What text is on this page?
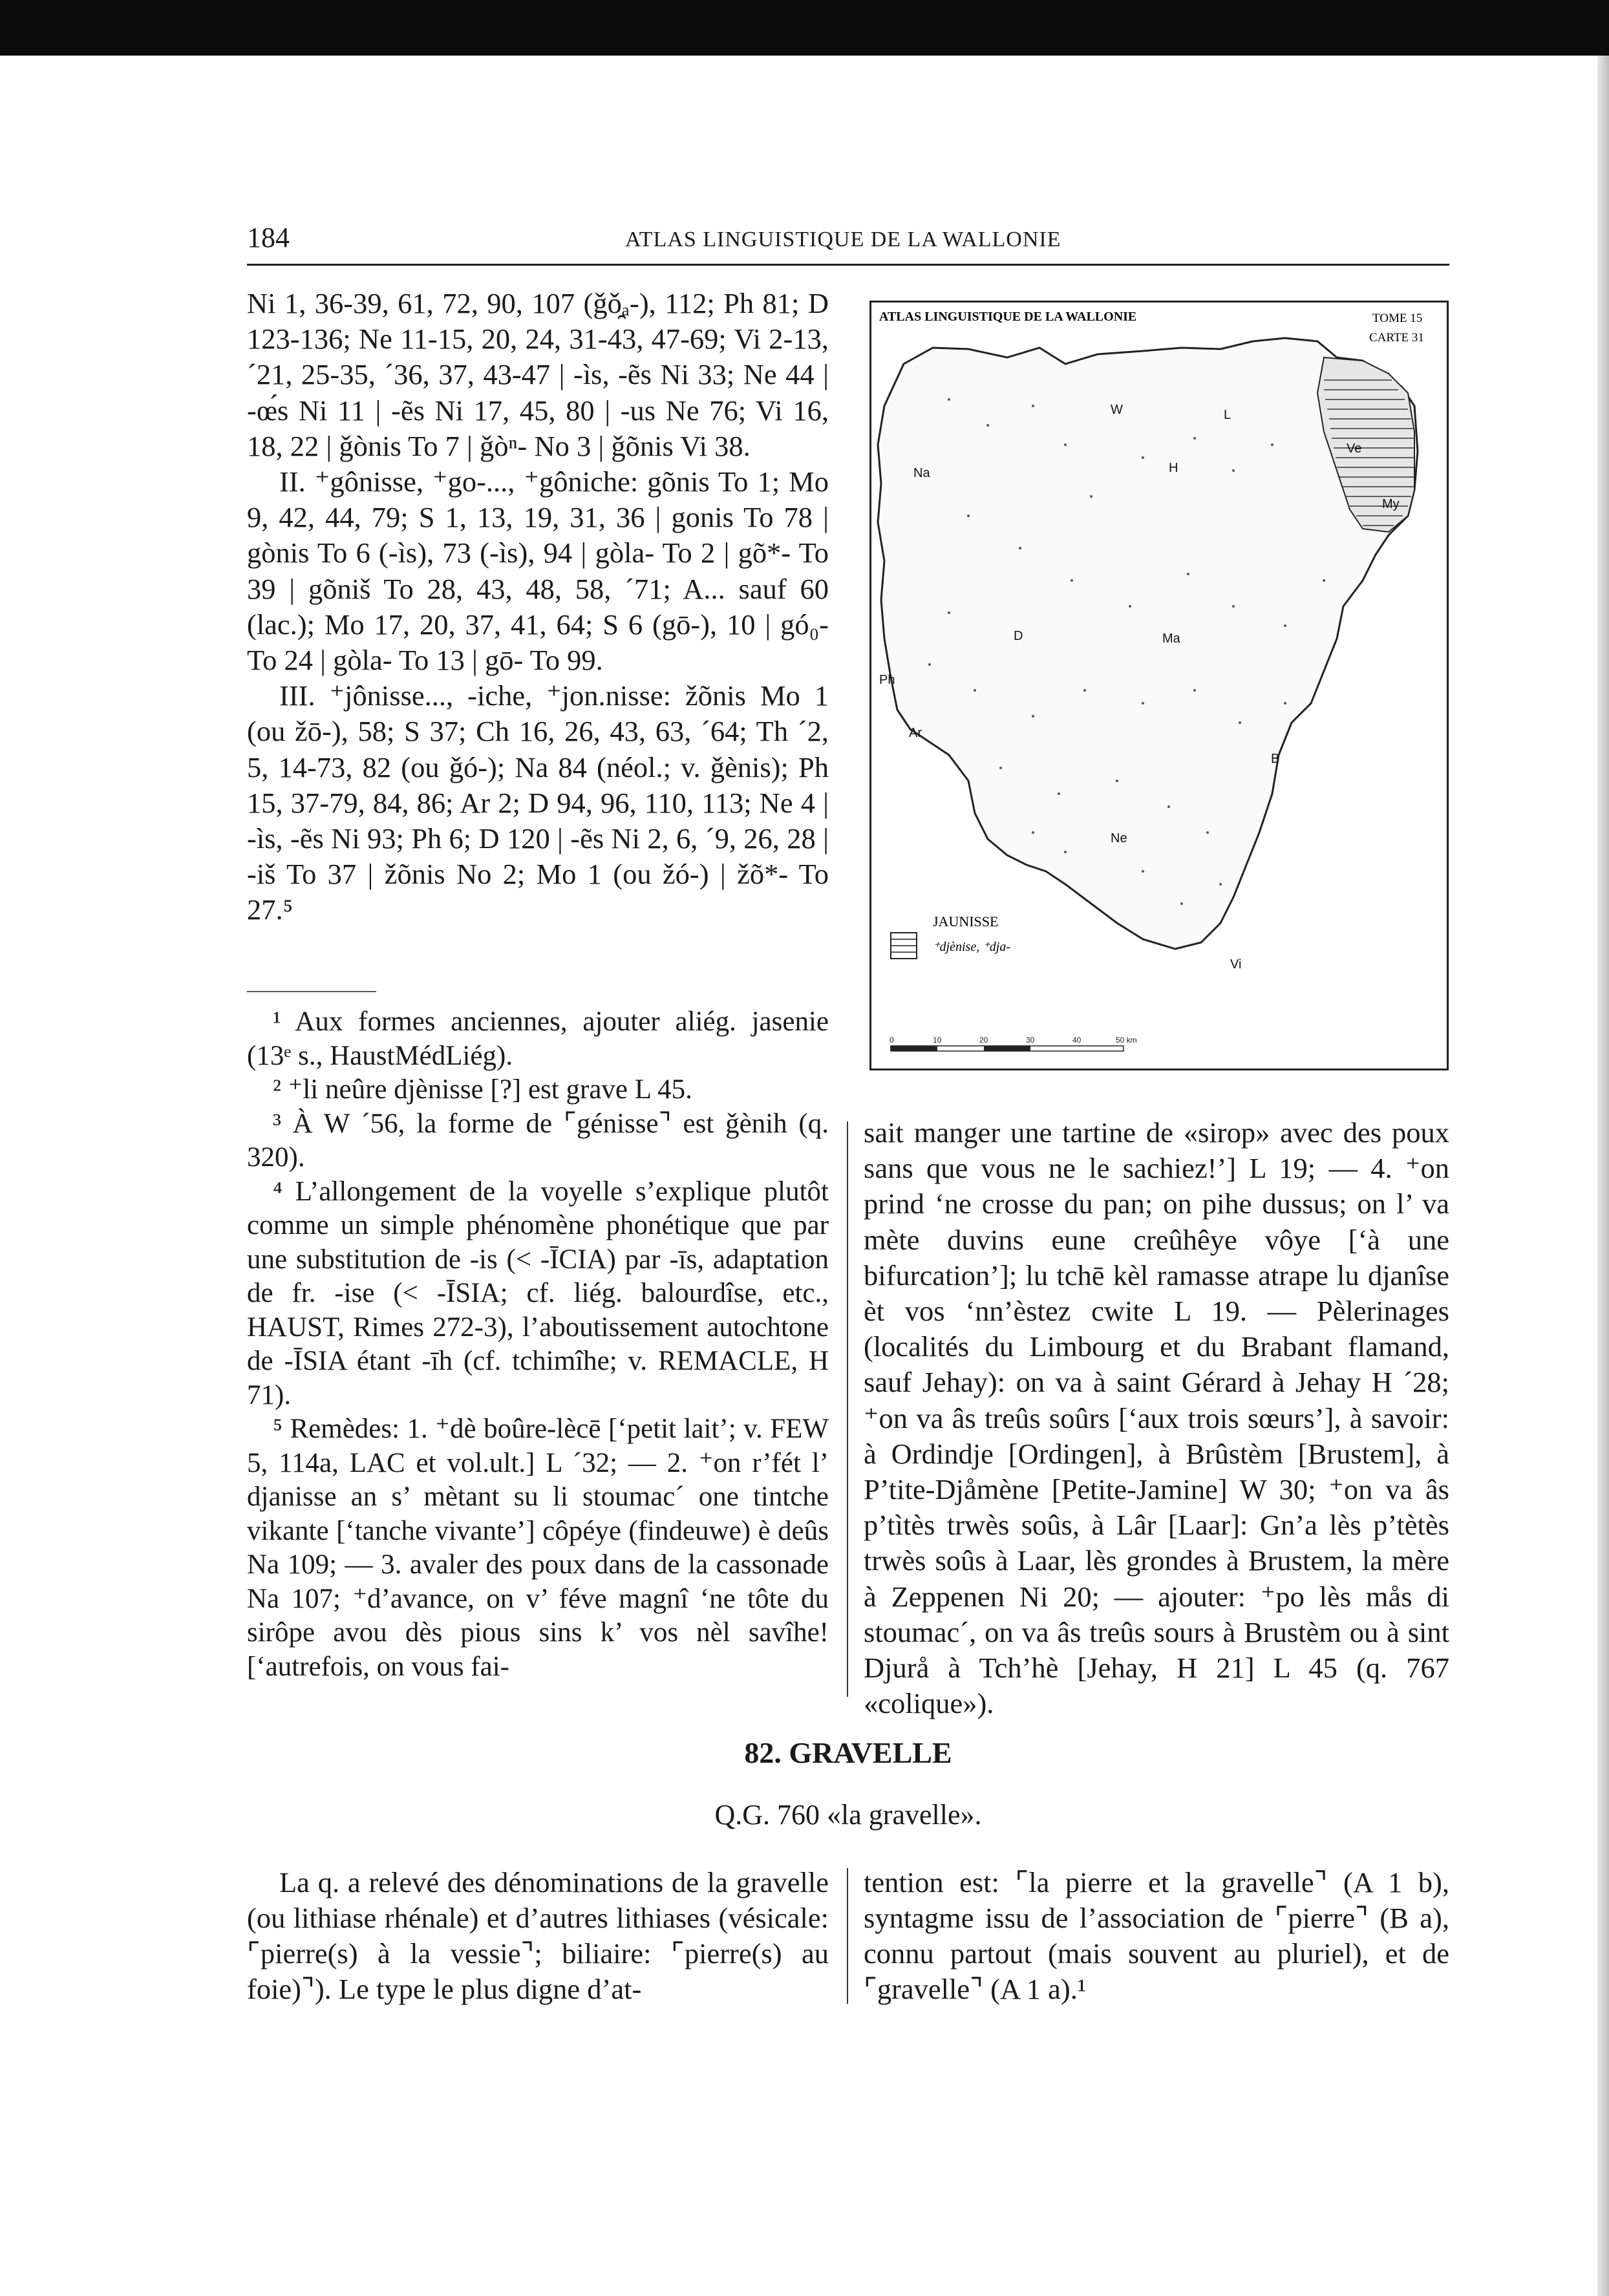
184	ATLAS LINGUISTIQUE DE LA WALLONIE

Ni 1, 36-39, 61, 72, 90, 107 (ǧǒ̯ₐ-), 112; Ph 81; D 123-136; Ne 11-15, 20, 24, 31-43, 47-69; Vi 2-13, ´21, 25-35, ´36, 37, 43-47 | -ìs, -ẽs Ni 33; Ne 44 | -œ́s Ni 11 | -ẽs Ni 17, 45, 80 | -us Ne 76; Vi 16, 18, 22 | ǧònis To 7 | ǧòⁿ- No 3 | ǧõnis Vi 38.

II. ⁺gônisse, ⁺go-..., ⁺gôniche: gõnis To 1; Mo 9, 42, 44, 79; S 1, 13, 19, 31, 36 | gonis To 78 | gònis To 6 (-ìs), 73 (-ìs), 94 | gòla- To 2 | gõ*- To 39 | gõniš To 28, 43, 48, 58, ´71; A... sauf 60 (lac.); Mo 17, 20, 37, 41, 64; S 6 (gō-), 10 | gó₀- To 24 | gòla- To 13 | gō- To 99.

III. ⁺jônisse..., -iche, ⁺jon.nisse: žõnis Mo 1 (ou žō-), 58; S 37; Ch 16, 26, 43, 63, ´64; Th ´2, 5, 14-73, 82 (ou ǧó-); Na 84 (néol.; v. ǧènis); Ph 15, 37-79, 84, 86; Ar 2; D 94, 96, 110, 113; Ne 4 | -ìs, -ẽs Ni 93; Ph 6; D 120 | -ẽs Ni 2, 6, ´9, 26, 28 | -iš To 37 | žõnis No 2; Mo 1 (ou žó-) | žõ*- To 27.⁵

¹ Aux formes anciennes, ajouter aliég. jasenie (13ᵉ s., HaustMédLiég).

² ⁺li neûre djènisse [?] est grave L 45.

³ À W ´56, la forme de ⌜génisse⌝ est ǧènih (q. 320).

⁴ L’allongement de la voyelle s’explique plutôt comme un simple phénomène phonétique que par une substitution de -is (< -ĪCIA) par -īs, adaptation de fr. -ise (< -ĪSIA; cf. liég. balourdîse, etc., HAUST, Rimes 272-3), l’aboutissement autochtone de -ĪSIA étant -īh (cf. tchimîhe; v. REMACLE, H 71).

⁵ Remèdes: 1. ⁺dè boûre-lècē [‘petit lait’; v. FEW 5, 114a, LAC et vol.ult.] L ´32; — 2. ⁺on r’fét l’ djanisse an s’ mètant su li stoumac´ one tintche vikante [‘tanche vivante’] côpéye (findeuwe) è deûs Na 109; — 3. avaler des poux dans de la cassonade Na 107; ⁺d’avance, on v’ féve magnî ‘ne tôte du sirôpe avou dès pious sins k’ vos nèl savîhe! [‘autrefois, on vous fai-

ATLAS LINGUISTIQUE DE LA WALLONIE	TOME 15
CARTE 31
W	L
Na	H
Ve
My
D	Ma
B
Ph
Ar
Ne
Vi
JAUNISSE
⁺djènise, ⁺dja-
0	10	20	30	40	50 km

sait manger une tartine de «sirop» avec des poux sans que vous ne le sachiez!’] L 19; — 4. ⁺on prind ‘ne crosse du pan; on pihe dussus; on l’ va mète duvins eune creûhêye vôye [‘à une bifurcation’]; lu tchē kèl ramasse atrape lu djanîse èt vos ‘nn’èstez cwite L 19. — Pèlerinages (localités du Limbourg et du Brabant flamand, sauf Jehay): on va à saint Gérard à Jehay H ´28; ⁺on va âs treûs soûrs [‘aux trois sœurs’], à savoir: à Ordindje [Ordingen], à Brûstèm [Brustem], à P’tite-Djåmène [Petite-Jamine] W 30; ⁺on va âs p’tìtès trwès soûs, à Lâr [Laar]: Gn’a lès p’tètès trwès soûs à Laar, lès grondes à Brustem, la mère à Zeppenen Ni 20; — ajouter: ⁺po lès mås di stoumac´, on va âs treûs sours à Brustèm ou à sint Djurå à Tch’hè [Jehay, H 21] L 45 (q. 767 «colique»).

82. GRAVELLE
Q.G. 760 «la gravelle».

La q. a relevé des dénominations de la gravelle (ou lithiase rhénale) et d’autres lithiases (vésicale: ⌜pierre(s) à la vessie⌝; biliaire: ⌜pierre(s) au foie)⌝). Le type le plus digne d’at-

tention est: ⌜la pierre et la gravelle⌝ (A 1 b), syntagme issu de l’association de ⌜pierre⌝ (B a), connu partout (mais souvent au pluriel), et de ⌜gravelle⌝ (A 1 a).¹
